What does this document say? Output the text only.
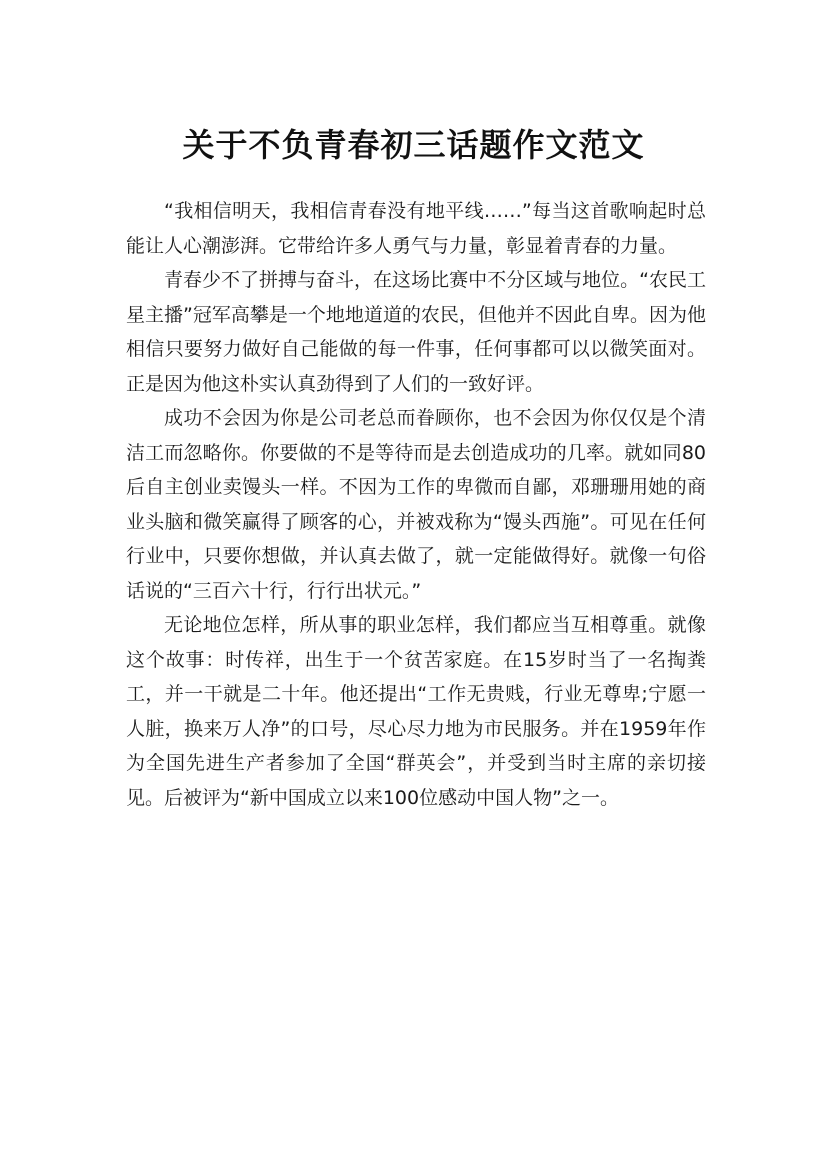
关于不负青春初三话题作文范文

“我相信明天，我相信青春没有地平线……”每当这首歌响起时总能让人心潮澎湃。它带给许多人勇气与力量，彰显着青春的力量。

青春少不了拼搏与奋斗，在这场比赛中不分区域与地位。“农民工星主播”冠军高攀是一个地地道道的农民，但他并不因此自卑。因为他相信只要努力做好自己能做的每一件事，任何事都可以以微笑面对。正是因为他这朴实认真劲得到了人们的一致好评。

成功不会因为你是公司老总而眷顾你，也不会因为你仅仅是个清洁工而忽略你。你要做的不是等待而是去创造成功的几率。就如同80后自主创业卖馒头一样。不因为工作的卑微而自鄙，邓珊珊用她的商业头脑和微笑赢得了顾客的心，并被戏称为“馒头西施”。可见在任何行业中，只要你想做，并认真去做了，就一定能做得好。就像一句俗话说的“三百六十行，行行出状元。”

无论地位怎样，所从事的职业怎样，我们都应当互相尊重。就像这个故事：时传祥，出生于一个贫苦家庭。在15岁时当了一名掏粪工，并一干就是二十年。他还提出“工作无贵贱，行业无尊卑;宁愿一人脏，换来万人净”的口号，尽心尽力地为市民服务。并在1959年作为全国先进生产者参加了全国“群英会”，并受到当时主席的亲切接见。后被评为“新中国成立以来100位感动中国人物”之一。
